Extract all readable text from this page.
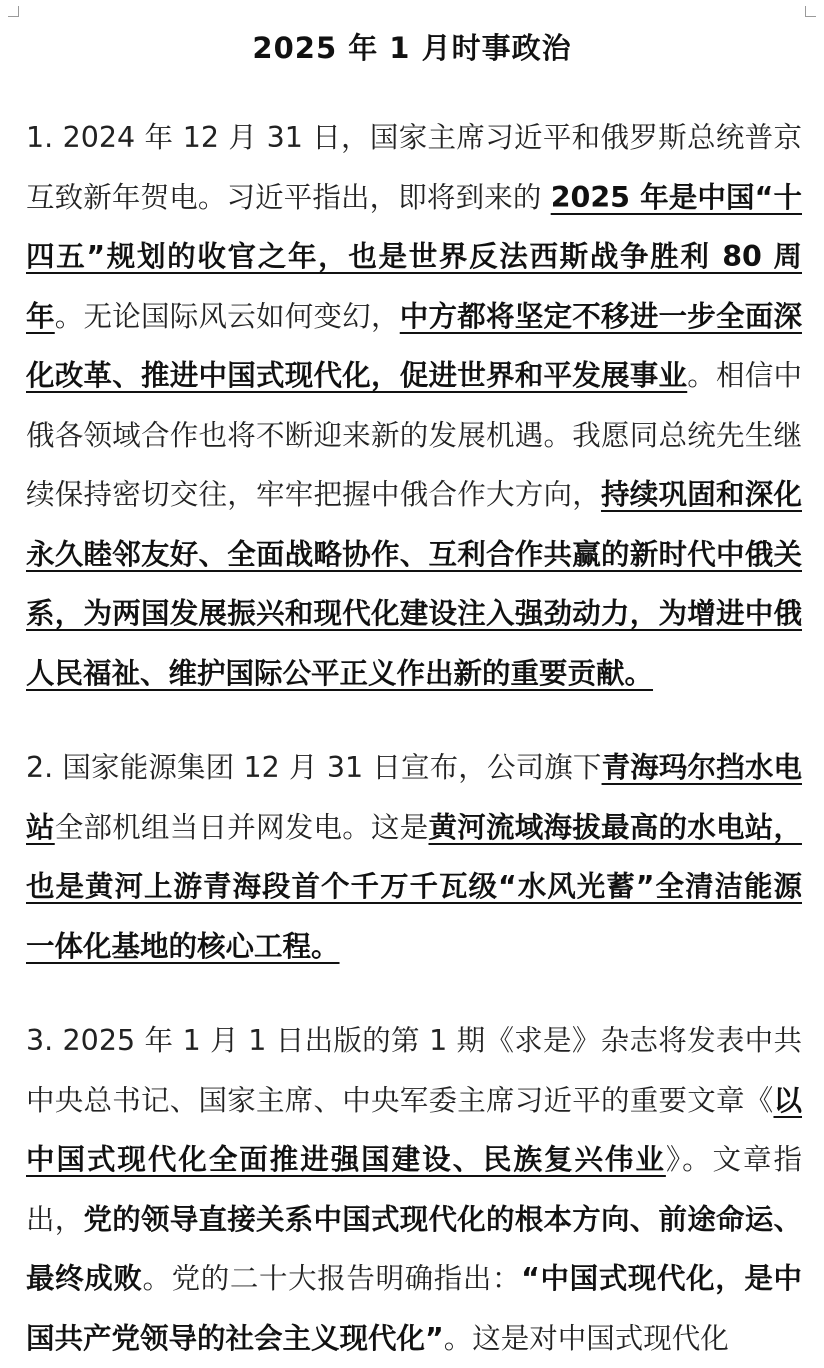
2025 年 1 月时事政治

1. 2024 年 12 月 31 日，国家主席习近平和俄罗斯总统普京互致新年贺电。习近平指出，即将到来的 2025 年是中国“十四五”规划的收官之年，也是世界反法西斯战争胜利 80 周年。无论国际风云如何变幻，中方都将坚定不移进一步全面深化改革、推进中国式现代化，促进世界和平发展事业。相信中俄各领域合作也将不断迎来新的发展机遇。我愿同总统先生继续保持密切交往，牢牢把握中俄合作大方向，持续巩固和深化永久睦邻友好、全面战略协作、互利合作共赢的新时代中俄关系，为两国发展振兴和现代化建设注入强劲动力，为增进中俄人民福祉、维护国际公平正义作出新的重要贡献。

2. 国家能源集团 12 月 31 日宣布，公司旗下青海玛尔挡水电站全部机组当日并网发电。这是黄河流域海拔最高的水电站，也是黄河上游青海段首个千万千瓦级“水风光蓄”全清洁能源一体化基地的核心工程。

3. 2025 年 1 月 1 日出版的第 1 期《求是》杂志将发表中共中央总书记、国家主席、中央军委主席习近平的重要文章《以中国式现代化全面推进强国建设、民族复兴伟业》。文章指出，党的领导直接关系中国式现代化的根本方向、前途命运、最终成败。党的二十大报告明确指出：“中国式现代化，是中国共产党领导的社会主义现代化”。这是对中国式现代化
